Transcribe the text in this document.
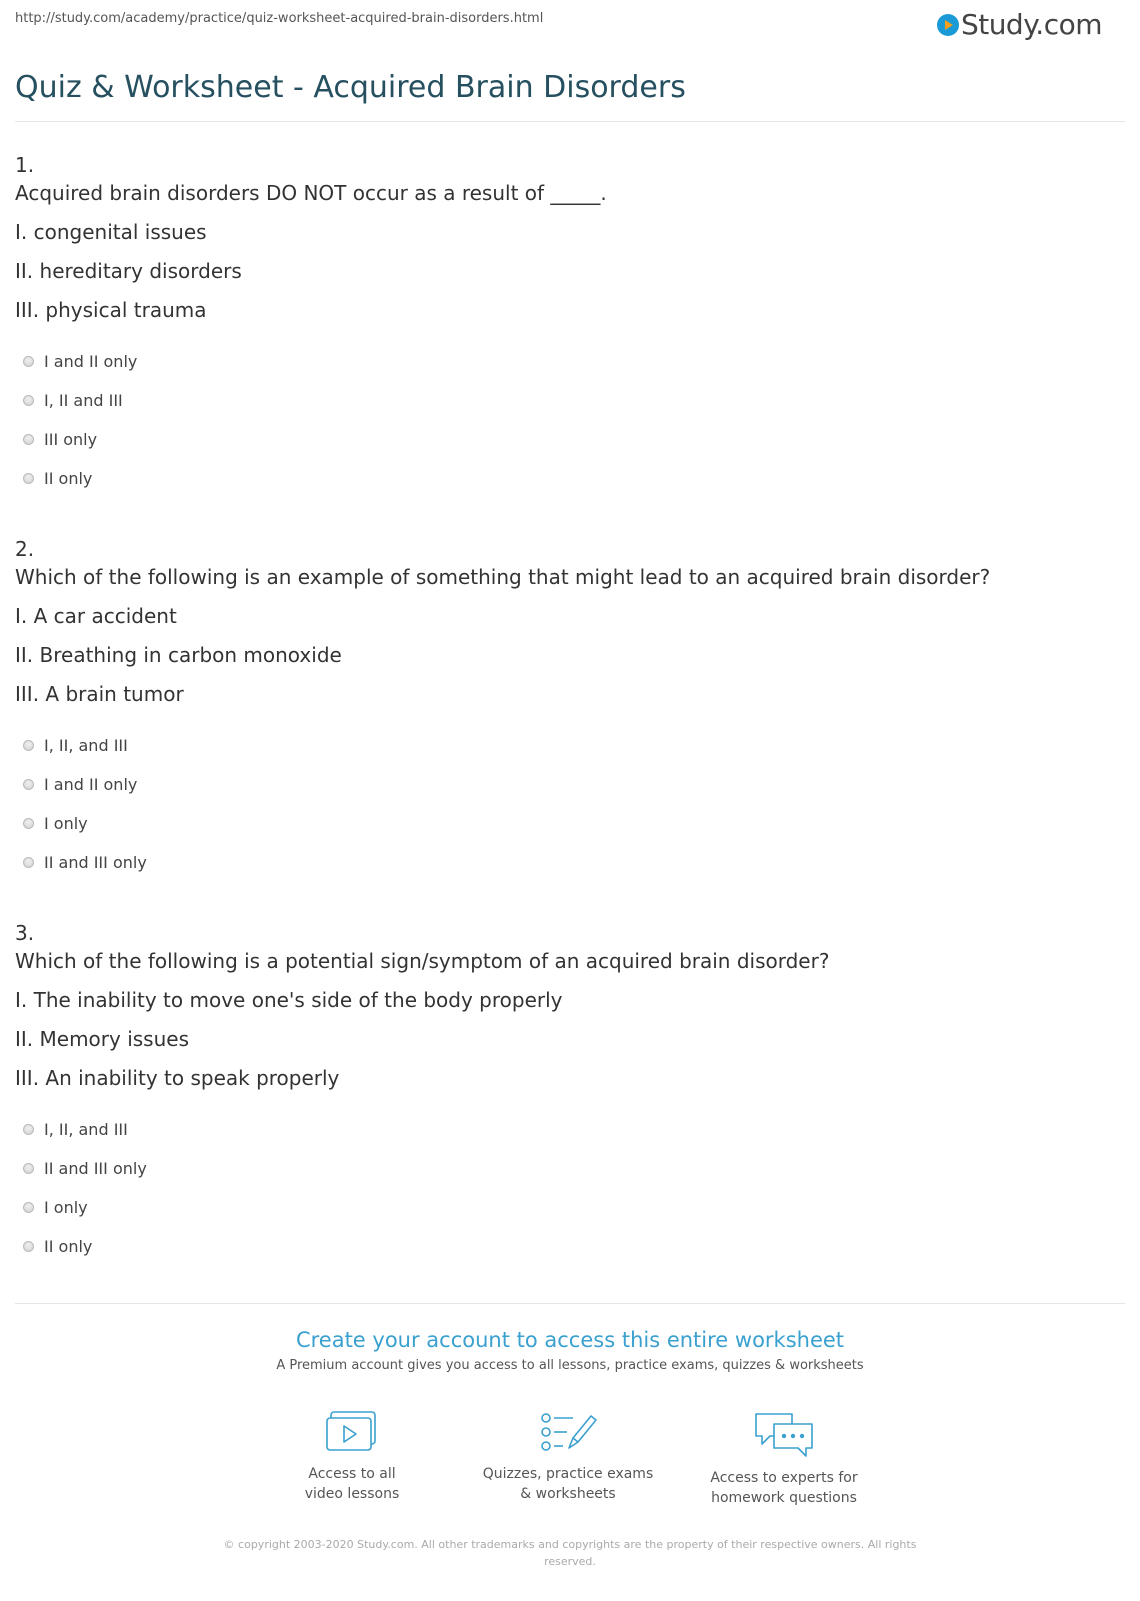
http://study.com/academy/practice/quiz-worksheet-acquired-brain-disorders.html	Study.com
Quiz & Worksheet - Acquired Brain Disorders
1.
Acquired brain disorders DO NOT occur as a result of _____.
I. congenital issues
II. hereditary disorders
III. physical trauma
I and II only
I, II and III
III only
II only
2.
Which of the following is an example of something that might lead to an acquired brain disorder?
I. A car accident
II. Breathing in carbon monoxide
III. A brain tumor
I, II, and III
I and II only
I only
II and III only
3.
Which of the following is a potential sign/symptom of an acquired brain disorder?
I. The inability to move one's side of the body properly
II. Memory issues
III. An inability to speak properly
I, II, and III
II and III only
I only
II only
Create your account to access this entire worksheet
A Premium account gives you access to all lessons, practice exams, quizzes & worksheets
Access to all
video lessons
Quizzes, practice exams
& worksheets
Access to experts for
homework questions
© copyright 2003-2020 Study.com. All other trademarks and copyrights are the property of their respective owners. All rights reserved.
